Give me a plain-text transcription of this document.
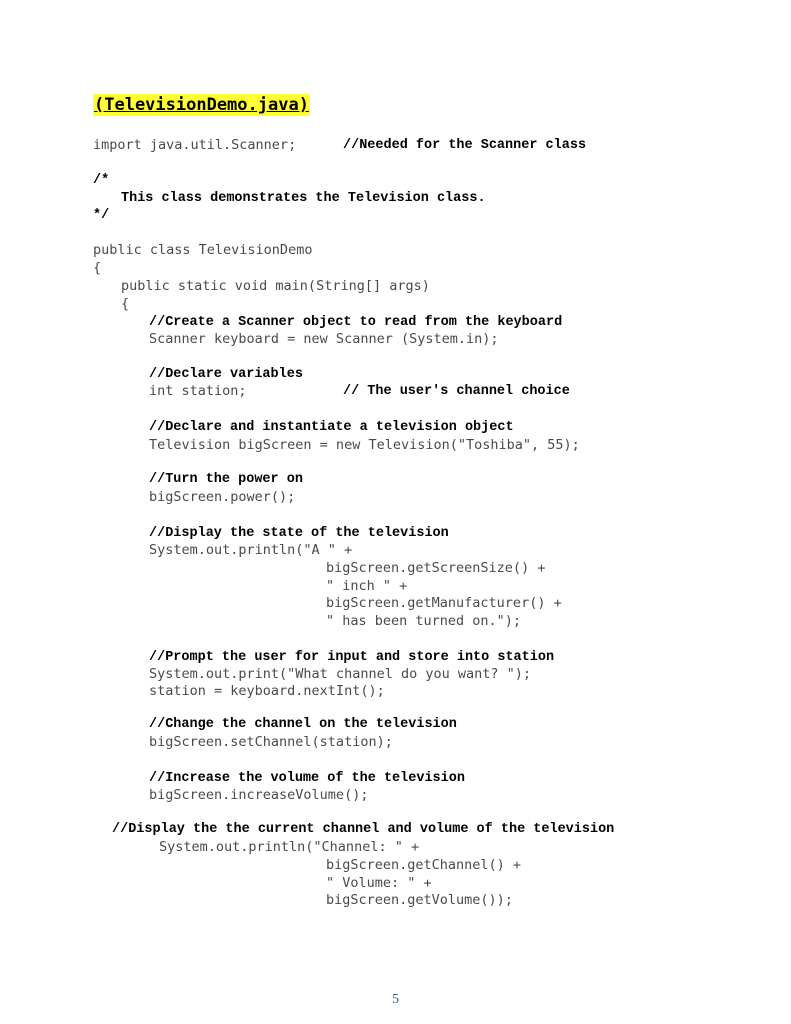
(TelevisionDemo.java)
import java.util.Scanner;	//Needed for the Scanner class
/*
This class demonstrates the Television class.
*/
public class TelevisionDemo
{
public static void main(String[] args)
{
//Create a Scanner object to read from the keyboard
Scanner keyboard = new Scanner (System.in);
//Declare variables
int station;	// The user's channel choice
//Declare and instantiate a television object
Television bigScreen = new Television("Toshiba", 55);
//Turn the power on
bigScreen.power();
//Display the state of the television
System.out.println("A " +
bigScreen.getScreenSize() +
" inch " +
bigScreen.getManufacturer() +
" has been turned on.");
//Prompt the user for input and store into station
System.out.print("What channel do you want? ");
station = keyboard.nextInt();
//Change the channel on the television
bigScreen.setChannel(station);
//Increase the volume of the television
bigScreen.increaseVolume();
//Display the the current channel and volume of the television
System.out.println("Channel: " +
bigScreen.getChannel() +
" Volume: " +
bigScreen.getVolume());
5
